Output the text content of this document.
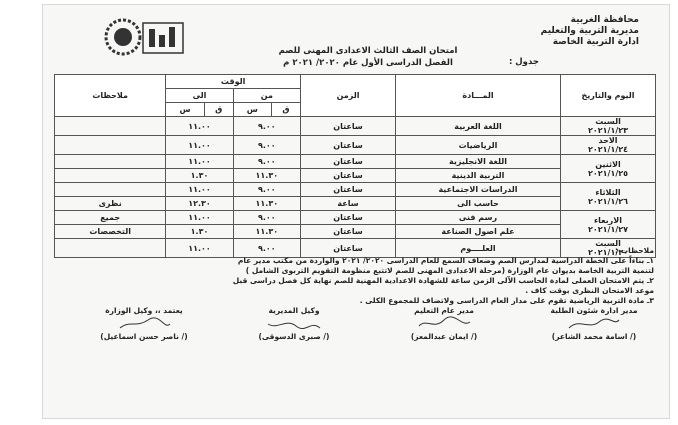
محافظة الغربية
مديرية التربية والتعليم
ادارة التربية الخاصة
امتحان الصف الثالث الاعدادى المهنى للصم
الفصل الدراسى الأول عام ٢٠٢٠/ ٢٠٢١ م	جدول :
اليوم والتاريخ	المـــادة	الزمن	الوقت				ملاحظات
			من		الى		
			ق	س	ق	س	

السبت
٢٠٢١/١/٢٣	اللغة العربية	ساعتان	٩.٠٠		١١.٠٠		

الاحد
٢٠٢١/١/٢٤	الرياضيات	ساعتان	٩.٠٠		١١.٠٠		

الاثنين
٢٠٢١/١/٢٥	اللغة الانجليزية	ساعتان	٩.٠٠		١١.٠٠		
	التربية الدينية	ساعتان	١١.٣٠		١.٣٠		

الثلاثاء
٢٠٢١/١/٢٦	الدراسات الاجتماعية	ساعتان	٩.٠٠		١١.٠٠		
	حاسب الى	ساعة	١١.٣٠		١٢.٣٠		نظرى

الاربعاء
٢٠٢١/١/٢٧	رسم فنى	ساعتان	٩.٠٠		١١.٠٠		جميع
	علم اصول الصناعة	ساعتان	١١.٣٠		١.٣٠		التخصصات

السبت
٢٠٢١/١/٣٠	العلــــوم	ساعتان	٩.٠٠		١١.٠٠			ملاحظات :
١ـ بناءاً على الخطة الدراسية لمدارس الصم وضعاف السمع للعام الدراسى ٢٠٢٠/ ٢٠٢١ والواردة من مكتب مدير عام
لتنمية التربية الخاصة بديوان عام الوزارة (مرحلة الاعدادى المهنى للصم لاتتبع منظومة التقويم التربوى الشامل )
٢ـ يتم الامتحان العملى لمادة الحاسب الآلى الزمن ساعة للشهادة الاعدادية المهنية للصم نهاية كل فصل دراسى قبل
موعد الامتحان النظرى بوقت كاف .
٣ـ مادة التربية الرياضية تقوم على مدار العام الدراسى ولاتضاف للمجموع الكلى .
مدير ادارة شئون الطلبة
(/ اسامة محمد الشاعر)
مدير عام التعليم
(/ ايمان عبدالمعز)
وكيل المديرية
(/ صبرى الدسوقى)
يعتمد ،، وكيل الوزارة
(/ ناصر حسن اسماعيل)
